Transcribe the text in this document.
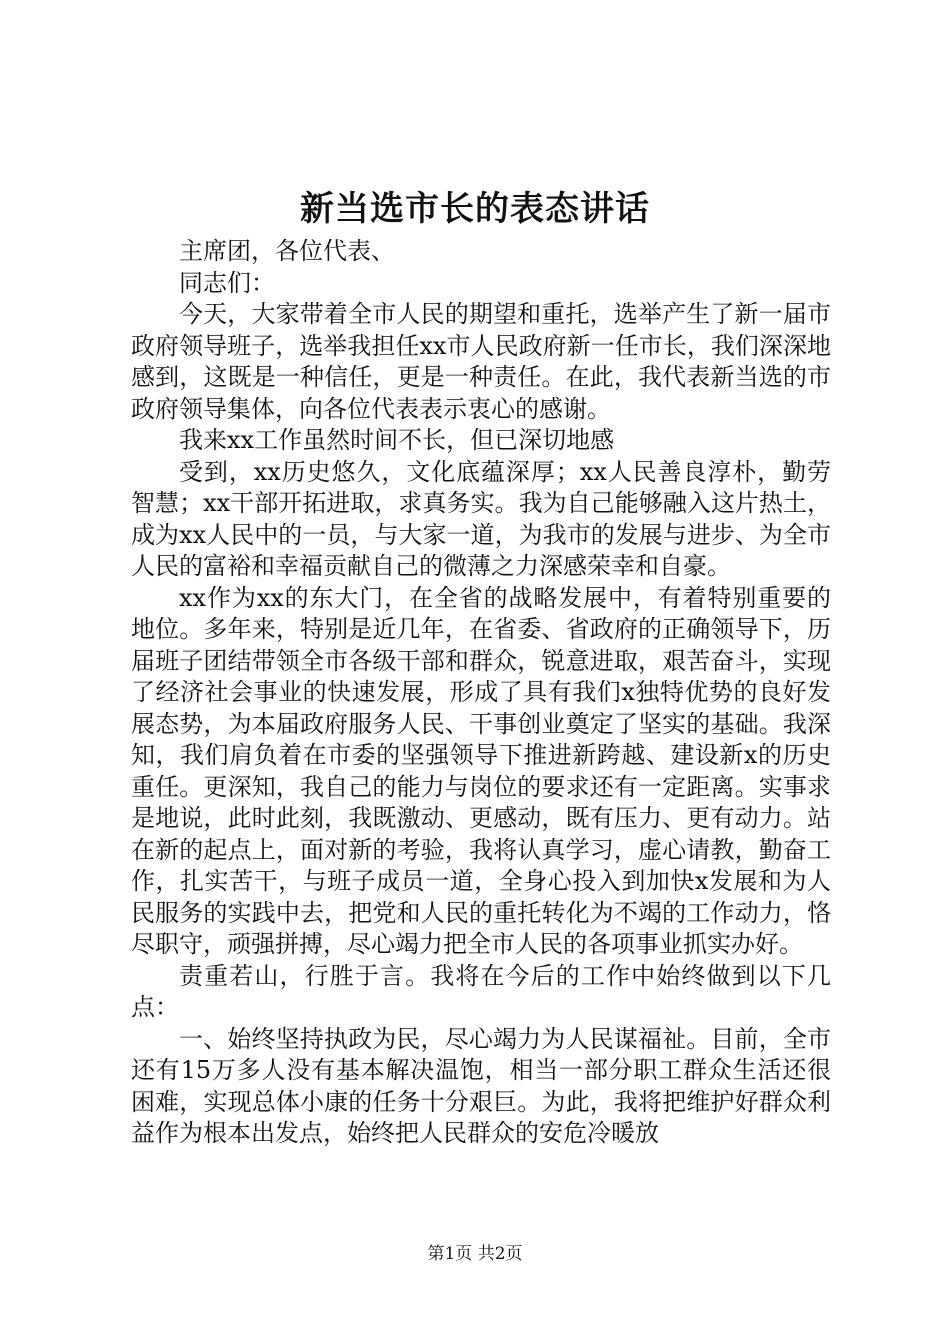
新当选市长的表态讲话

主席团，各位代表、

同志们：

今天，大家带着全市人民的期望和重托，选举产生了新一届市政府领导班子，选举我担任xx市人民政府新一任市长，我们深深地感到，这既是一种信任，更是一种责任。在此，我代表新当选的市政府领导集体，向各位代表表示衷心的感谢。

我来xx工作虽然时间不长，但已深切地感

受到，xx历史悠久，文化底蕴深厚；xx人民善良淳朴，勤劳智慧；xx干部开拓进取，求真务实。我为自己能够融入这片热土，成为xx人民中的一员，与大家一道，为我市的发展与进步、为全市人民的富裕和幸福贡献自己的微薄之力深感荣幸和自豪。

xx作为xx的东大门，在全省的战略发展中，有着特别重要的地位。多年来，特别是近几年，在省委、省政府的正确领导下，历届班子团结带领全市各级干部和群众，锐意进取，艰苦奋斗，实现了经济社会事业的快速发展，形成了具有我们x独特优势的良好发展态势，为本届政府服务人民、干事创业奠定了坚实的基础。我深知，我们肩负着在市委的坚强领导下推进新跨越、建设新x的历史重任。更深知，我自己的能力与岗位的要求还有一定距离。实事求是地说，此时此刻，我既激动、更感动，既有压力、更有动力。站在新的起点上，面对新的考验，我将认真学习，虚心请教，勤奋工作，扎实苦干，与班子成员一道，全身心投入到加快x发展和为人民服务的实践中去，把党和人民的重托转化为不竭的工作动力，恪尽职守，顽强拼搏，尽心竭力把全市人民的各项事业抓实办好。

责重若山，行胜于言。我将在今后的工作中始终做到以下几点：

一、始终坚持执政为民，尽心竭力为人民谋福祉。目前，全市还有15万多人没有基本解决温饱，相当一部分职工群众生活还很困难，实现总体小康的任务十分艰巨。为此，我将把维护好群众利益作为根本出发点，始终把人民群众的安危冷暖放

第1页 共2页
